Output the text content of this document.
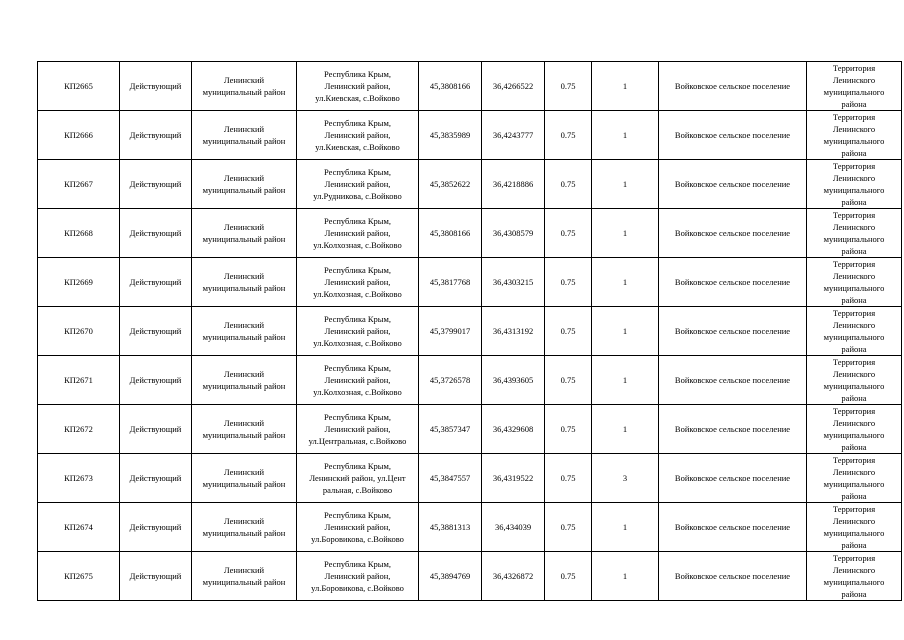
КП2665	Действующий	Ленинский
муниципальный район	Республика Крым,
Ленинский район,
ул.Киевская, с.Войково	45,3808166	36,4266522	0.75	1	Войковское сельское поселение	Территория
Ленинского
муниципального
района
КП2666	Действующий	Ленинский
муниципальный район	Республика Крым,
Ленинский район,
ул.Киевская, с.Войково	45,3835989	36,4243777	0.75	1	Войковское сельское поселение	Территория
Ленинского
муниципального
района
КП2667	Действующий	Ленинский
муниципальный район	Республика Крым,
Ленинский район,
ул.Рудникова, с.Войково	45,3852622	36,4218886	0.75	1	Войковское сельское поселение	Территория
Ленинского
муниципального
района
КП2668	Действующий	Ленинский
муниципальный район	Республика Крым,
Ленинский район,
ул.Колхозная, с.Войково	45,3808166	36,4308579	0.75	1	Войковское сельское поселение	Территория
Ленинского
муниципального
района
КП2669	Действующий	Ленинский
муниципальный район	Республика Крым,
Ленинский район,
ул.Колхозная, с.Войково	45,3817768	36,4303215	0.75	1	Войковское сельское поселение	Территория
Ленинского
муниципального
района
КП2670	Действующий	Ленинский
муниципальный район	Республика Крым,
Ленинский район,
ул.Колхозная, с.Войково	45,3799017	36,4313192	0.75	1	Войковское сельское поселение	Территория
Ленинского
муниципального
района
КП2671	Действующий	Ленинский
муниципальный район	Республика Крым,
Ленинский район,
ул.Колхозная, с.Войково	45,3726578	36,4393605	0.75	1	Войковское сельское поселение	Территория
Ленинского
муниципального
района
КП2672	Действующий	Ленинский
муниципальный район	Республика Крым,
Ленинский район,
ул.Центральная, с.Войково	45,3857347	36,4329608	0.75	1	Войковское сельское поселение	Территория
Ленинского
муниципального
района
КП2673	Действующий	Ленинский
муниципальный район	Республика Крым,
Ленинский район, ул.Цент
ральная, с.Войково	45,3847557	36,4319522	0.75	3	Войковское сельское поселение	Территория
Ленинского
муниципального
района
КП2674	Действующий	Ленинский
муниципальный район	Республика Крым,
Ленинский район,
ул.Боровикова, с.Войково	45,3881313	36,434039	0.75	1	Войковское сельское поселение	Территория
Ленинского
муниципального
района
КП2675	Действующий	Ленинский
муниципальный район	Республика Крым,
Ленинский район,
ул.Боровикова, с.Войково	45,3894769	36,4326872	0.75	1	Войковское сельское поселение	Территория
Ленинского
муниципального
района
